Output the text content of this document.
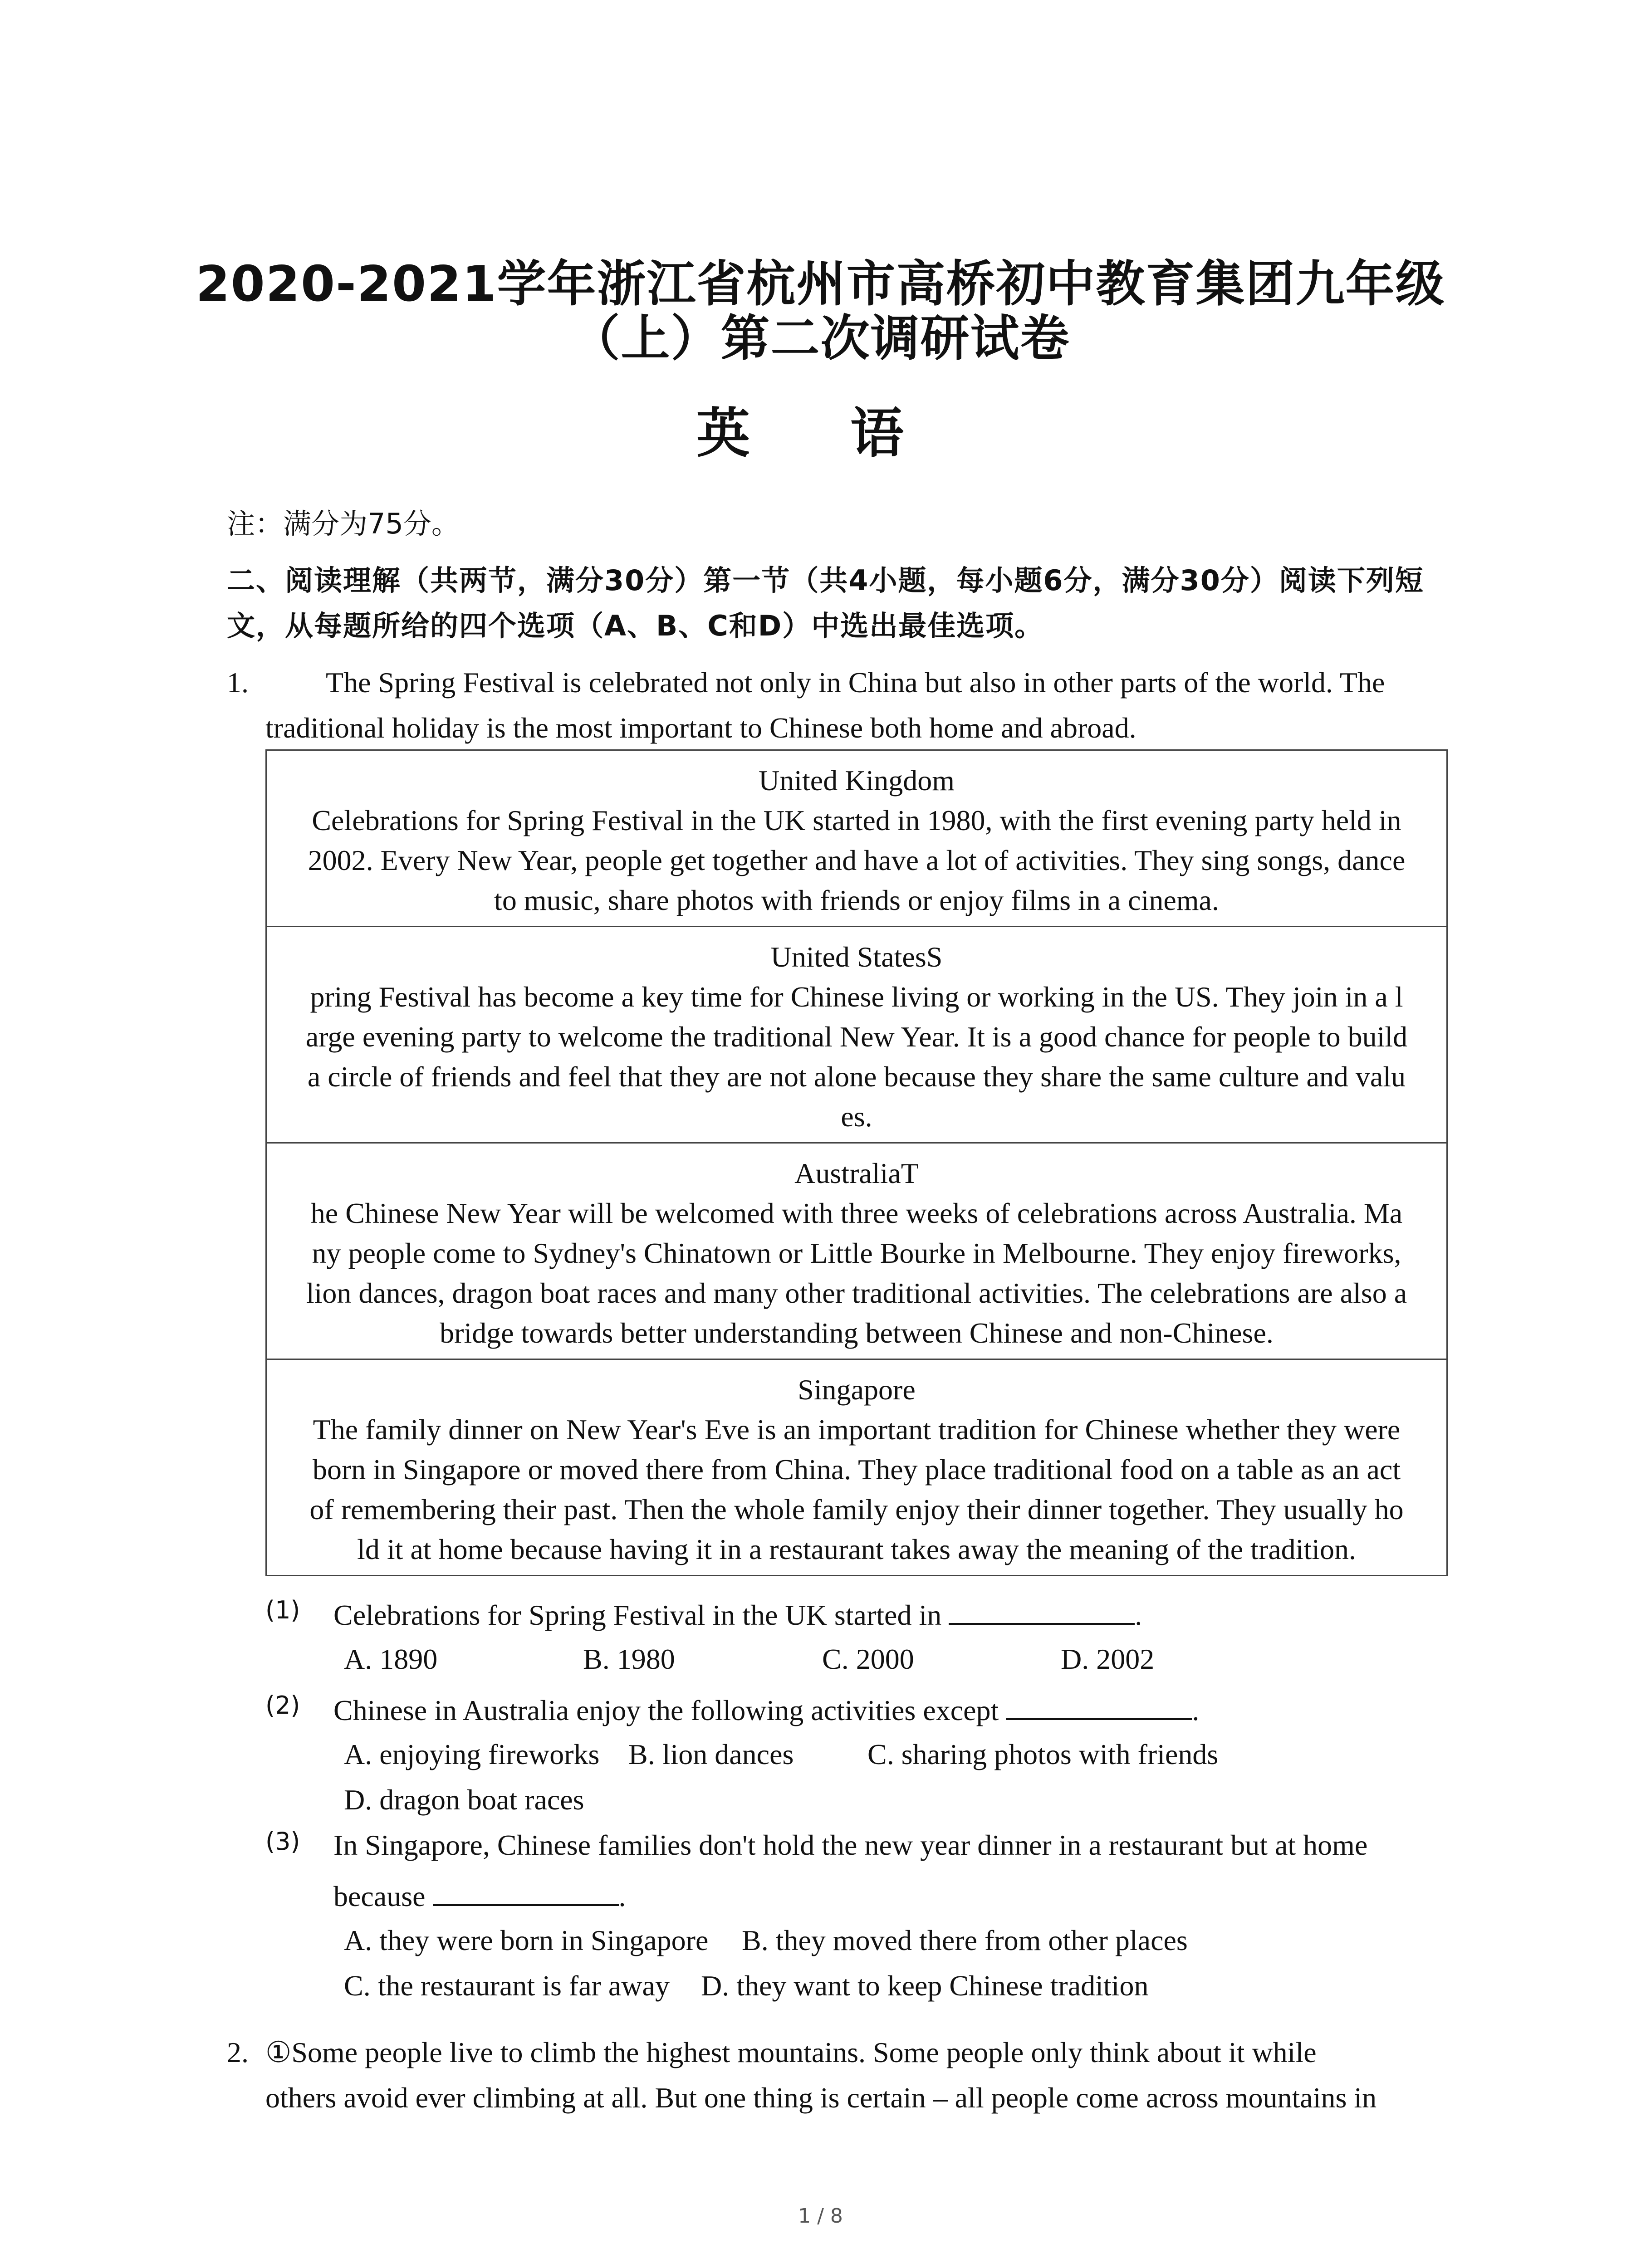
2020-2021学年浙江省杭州市高桥初中教育集团九年级
（上）第二次调研试卷
英 语
注：满分为75分。
二、阅读理解（共两节，满分30分）第一节（共4小题，每小题6分，满分30分）阅读下列短
文，从每题所给的四个选项（A、B、C和D）中选出最佳选项。
1.	The Spring Festival is celebrated not only in China but also in other parts of the world. The
traditional holiday is the most important to Chinese both home and abroad.
United Kingdom
Celebrations for Spring Festival in the UK started in 1980, with the first evening party held in
2002. Every New Year, people get together and have a lot of activities. They sing songs, dance
to music, share photos with friends or enjoy films in a cinema.
United StatesS
pring Festival has become a key time for Chinese living or working in the US. They join in a l
arge evening party to welcome the traditional New Year. It is a good chance for people to build
a circle of friends and feel that they are not alone because they share the same culture and valu
es.
AustraliaT
he Chinese New Year will be welcomed with three weeks of celebrations across Australia. Ma
ny people come to Sydney's Chinatown or Little Bourke in Melbourne. They enjoy fireworks,
lion dances, dragon boat races and many other traditional activities. The celebrations are also a
bridge towards better understanding between Chinese and non-Chinese.
Singapore
The family dinner on New Year's Eve is an important tradition for Chinese whether they were
born in Singapore or moved there from China. They place traditional food on a table as an act
of remembering their past. Then the whole family enjoy their dinner together. They usually ho
ld it at home because having it in a restaurant takes away the meaning of the tradition.
(1) Celebrations for Spring Festival in the UK started in	.
A. 1890	B. 1980	C. 2000	D. 2002
(2) Chinese in Australia enjoy the following activities except	.
A. enjoying fireworks B. lion dances	C. sharing photos with friends
D. dragon boat races
(3) In Singapore, Chinese families don't hold the new year dinner in a restaurant but at home
because	.
A. they were born in Singapore B. they moved there from other places
C. the restaurant is far away D. they want to keep Chinese tradition
2. ①Some people live to climb the highest mountains. Some people only think about it while
others avoid ever climbing at all. But one thing is certain – all people come across mountains in
1 / 8
